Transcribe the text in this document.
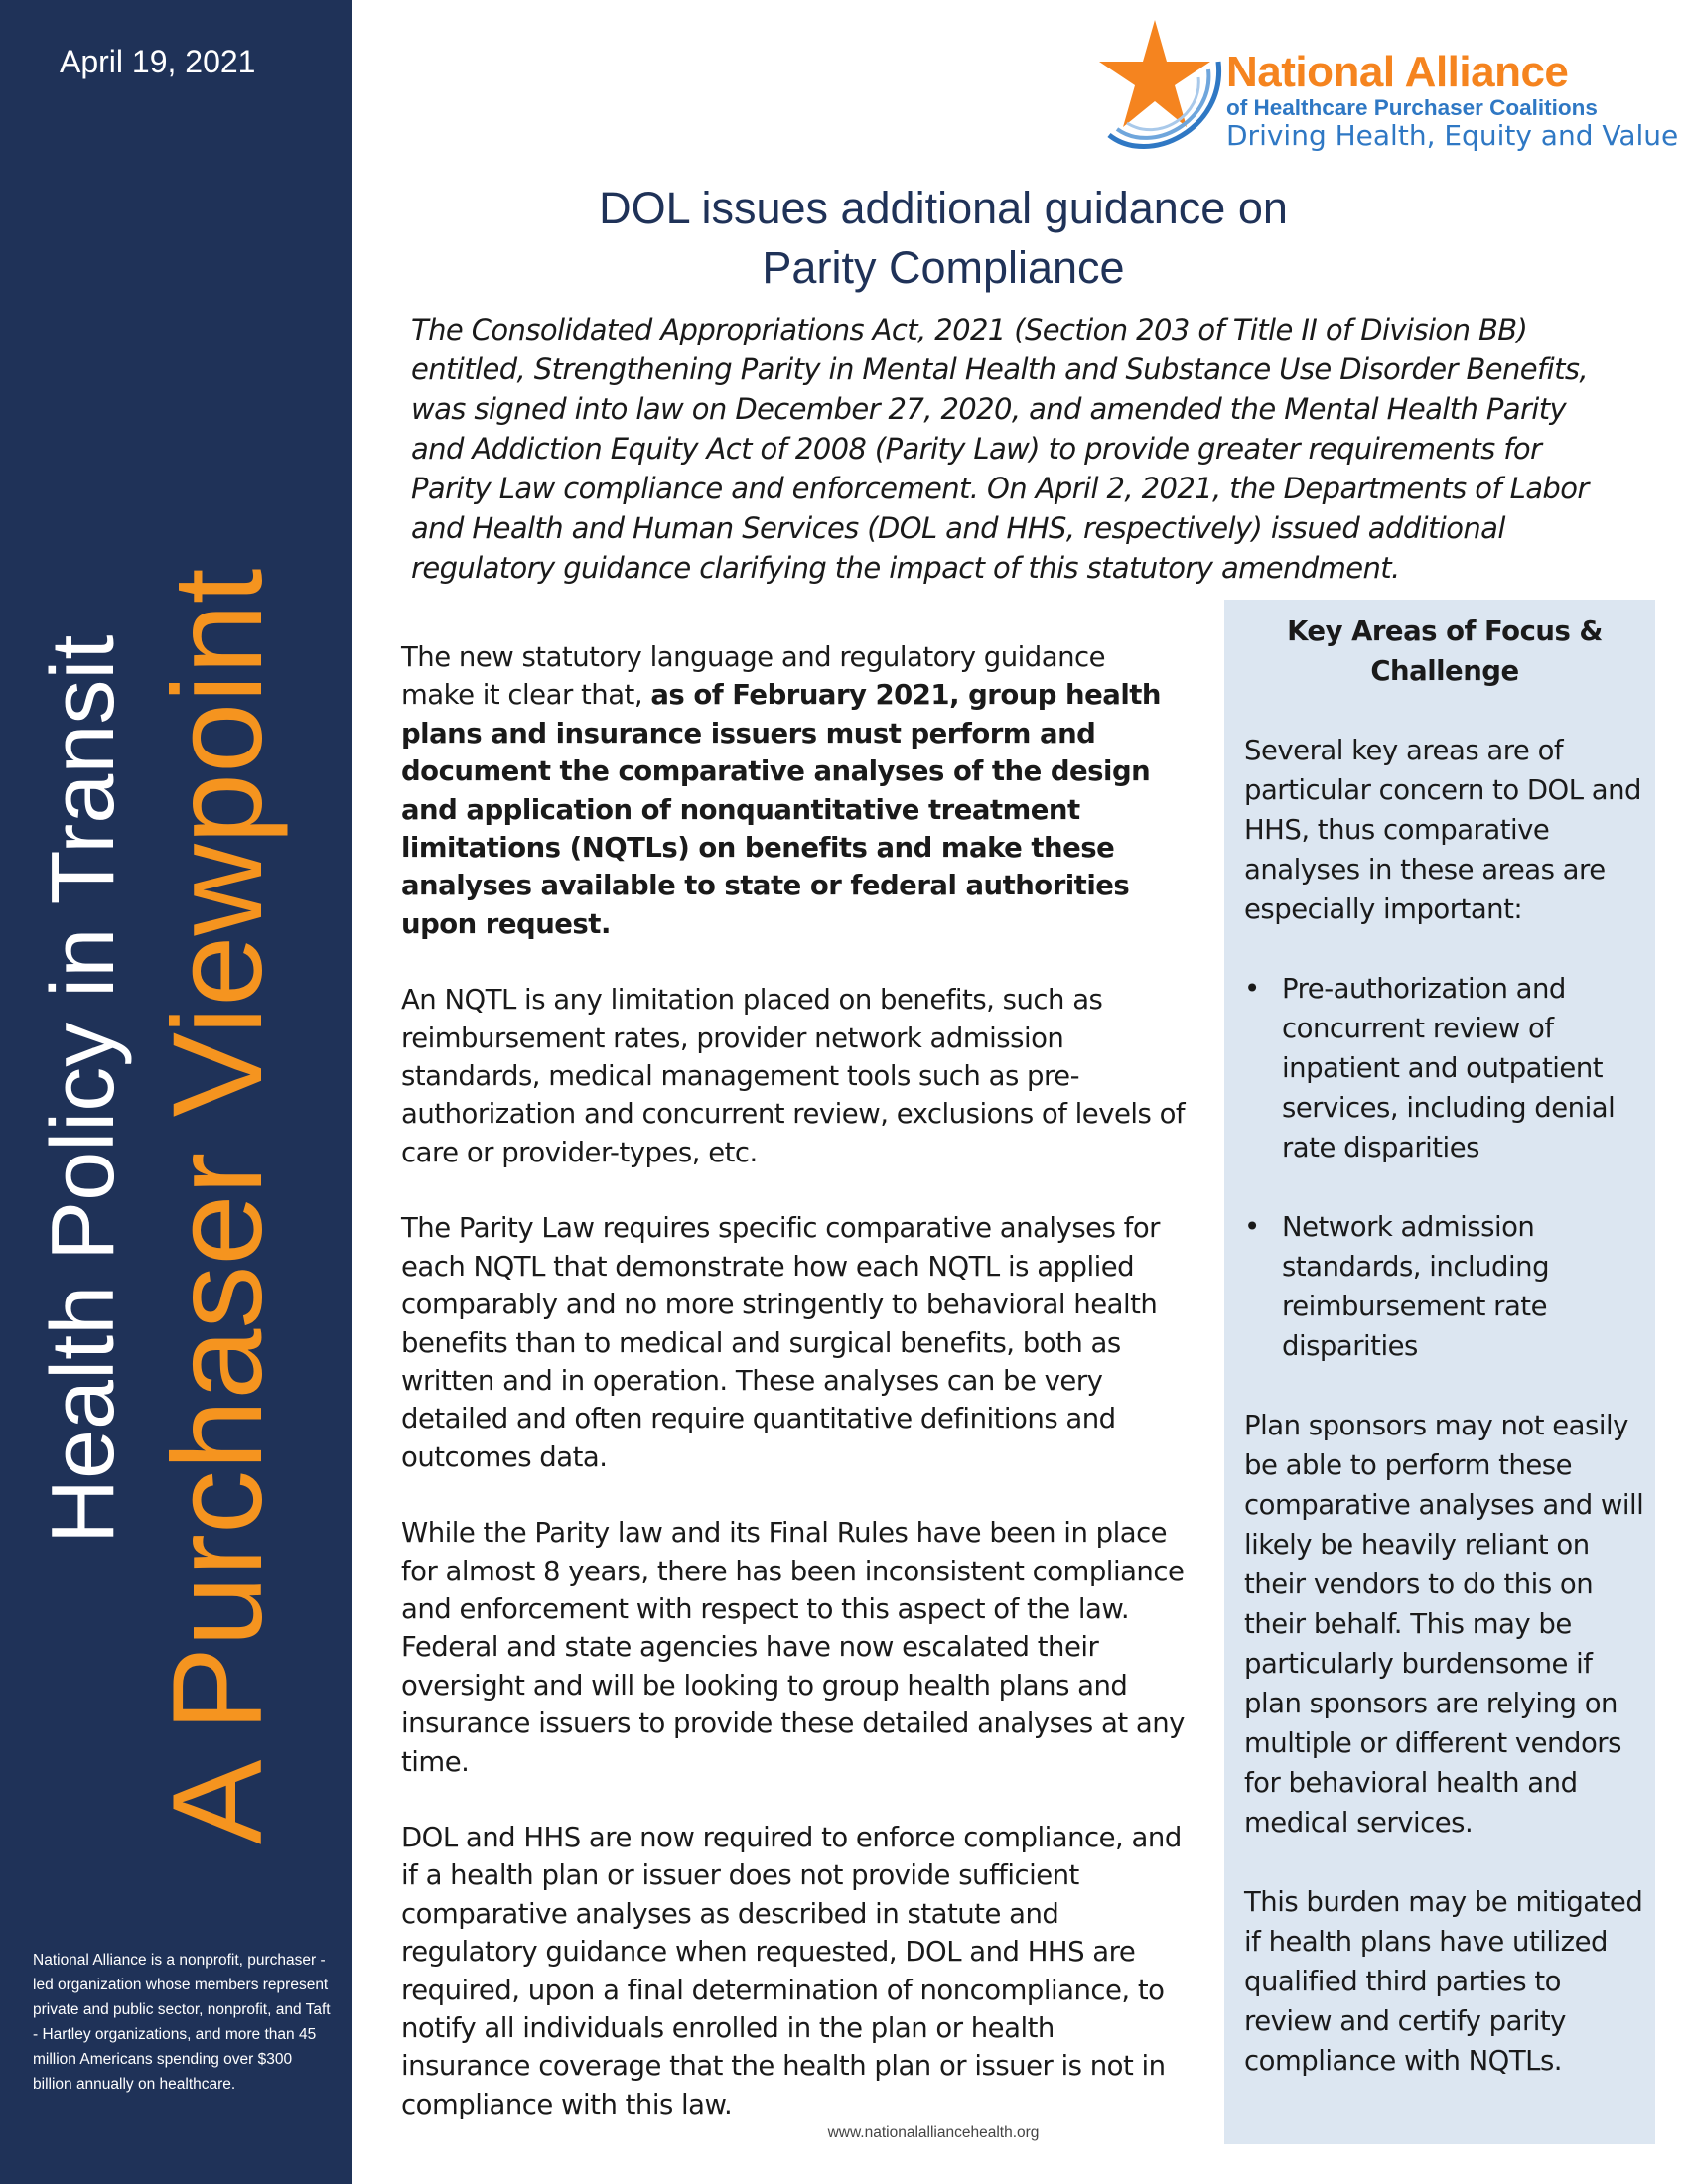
April 19, 2021
Health Policy in Transit A Purchaser Viewpoint
National Alliance is a nonprofit, purchaser -led organization whose members represent private and public sector, nonprofit, and Taft - Hartley organizations, and more than 45 million Americans spending over $300 billion annually on healthcare.
National Alliance
of Healthcare Purchaser Coalitions
Driving Health, Equity and Value
DOL issues additional guidance on
Parity Compliance
The Consolidated Appropriations Act, 2021 (Section 203 of Title II of Division BB) entitled, Strengthening Parity in Mental Health and Substance Use Disorder Benefits, was signed into law on December 27, 2020, and amended the Mental Health Parity and Addiction Equity Act of 2008 (Parity Law) to provide greater requirements for Parity Law compliance and enforcement. On April 2, 2021, the Departments of Labor and Health and Human Services (DOL and HHS, respectively) issued additional regulatory guidance clarifying the impact of this statutory amendment.

The new statutory language and regulatory guidance make it clear that, as of February 2021, group health plans and insurance issuers must perform and document the comparative analyses of the design and application of nonquantitative treatment limitations (NQTLs) on benefits and make these analyses available to state or federal authorities upon request.

An NQTL is any limitation placed on benefits, such as reimbursement rates, provider network admission standards, medical management tools such as pre-authorization and concurrent review, exclusions of levels of care or provider-types, etc.

The Parity Law requires specific comparative analyses for each NQTL that demonstrate how each NQTL is applied comparably and no more stringently to behavioral health benefits than to medical and surgical benefits, both as written and in operation. These analyses can be very detailed and often require quantitative definitions and outcomes data.

While the Parity law and its Final Rules have been in place for almost 8 years, there has been inconsistent compliance and enforcement with respect to this aspect of the law. Federal and state agencies have now escalated their oversight and will be looking to group health plans and insurance issuers to provide these detailed analyses at any time.

DOL and HHS are now required to enforce compliance, and if a health plan or issuer does not provide sufficient comparative analyses as described in statute and regulatory guidance when requested, DOL and HHS are required, upon a final determination of noncompliance, to notify all individuals enrolled in the plan or health insurance coverage that the health plan or issuer is not in compliance with this law.

Key Areas of Focus & Challenge

Several key areas are of particular concern to DOL and HHS, thus comparative analyses in these areas are especially important:

• Pre-authorization and concurrent review of inpatient and outpatient services, including denial rate disparities
• Network admission standards, including reimbursement rate disparities

Plan sponsors may not easily be able to perform these comparative analyses and will likely be heavily reliant on their vendors to do this on their behalf. This may be particularly burdensome if plan sponsors are relying on multiple or different vendors for behavioral health and medical services.

This burden may be mitigated if health plans have utilized qualified third parties to review and certify parity compliance with NQTLs.

www.nationalalliancehealth.org
